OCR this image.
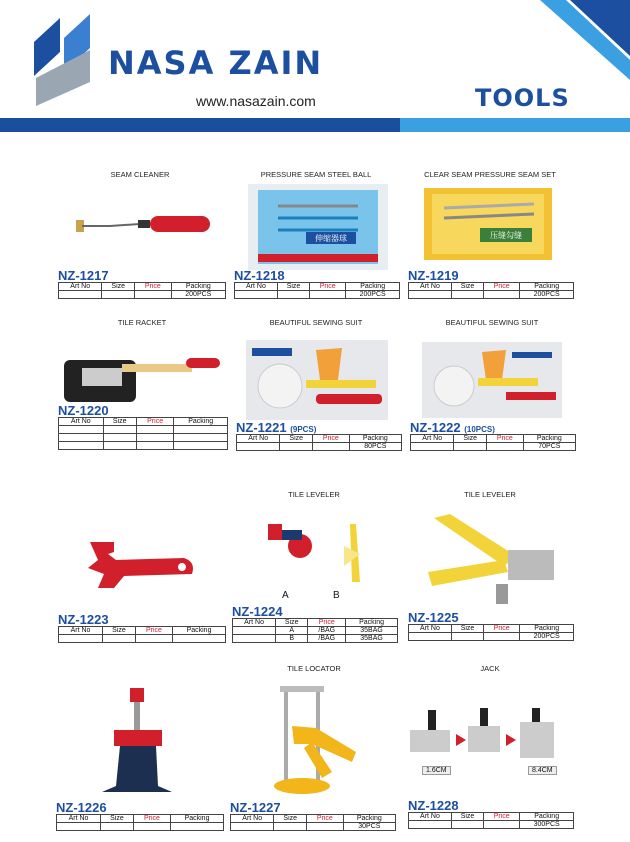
NASA ZAIN
www.nasazain.com	TOOLS
SEAM CLEANER
NZ-1217
Art No	Size	Price	Packing
			200PCS
PRESSURE SEAM STEEL BALL
伸缩器球
NZ-1218
Art No	Size	Price	Packing
			200PCS
CLEAR SEAM PRESSURE SEAM SET
压缝勾缝
NZ-1219
Art No	Size	Price	Packing
			200PCS
TILE RACKET
NZ-1220
Art No	Size	Price	Packing

BEAUTIFUL SEWING SUIT
NZ-1221 (9PCS)
Art No	Size	Price	Packing
			80PCS
BEAUTIFUL SEWING SUIT
NZ-1222 (10PCS)
Art No	Size	Price	Packing
			70PCS
NZ-1223
Art No	Size	Price	Packing

TILE LEVELER
A	B
NZ-1224
Art No	Size	Price	Packing
	A	/BAG	35BAG
	B	/BAG	35BAG
TILE LEVELER
NZ-1225
Art No	Size	Price	Packing
			200PCS
NZ-1226
Art No	Size	Price	Packing

TILE LOCATOR
NZ-1227
Art No	Size	Price	Packing
			30PCS
JACK
1.6CM	8.4CM
NZ-1228
Art No	Size	Price	Packing
			300PCS
